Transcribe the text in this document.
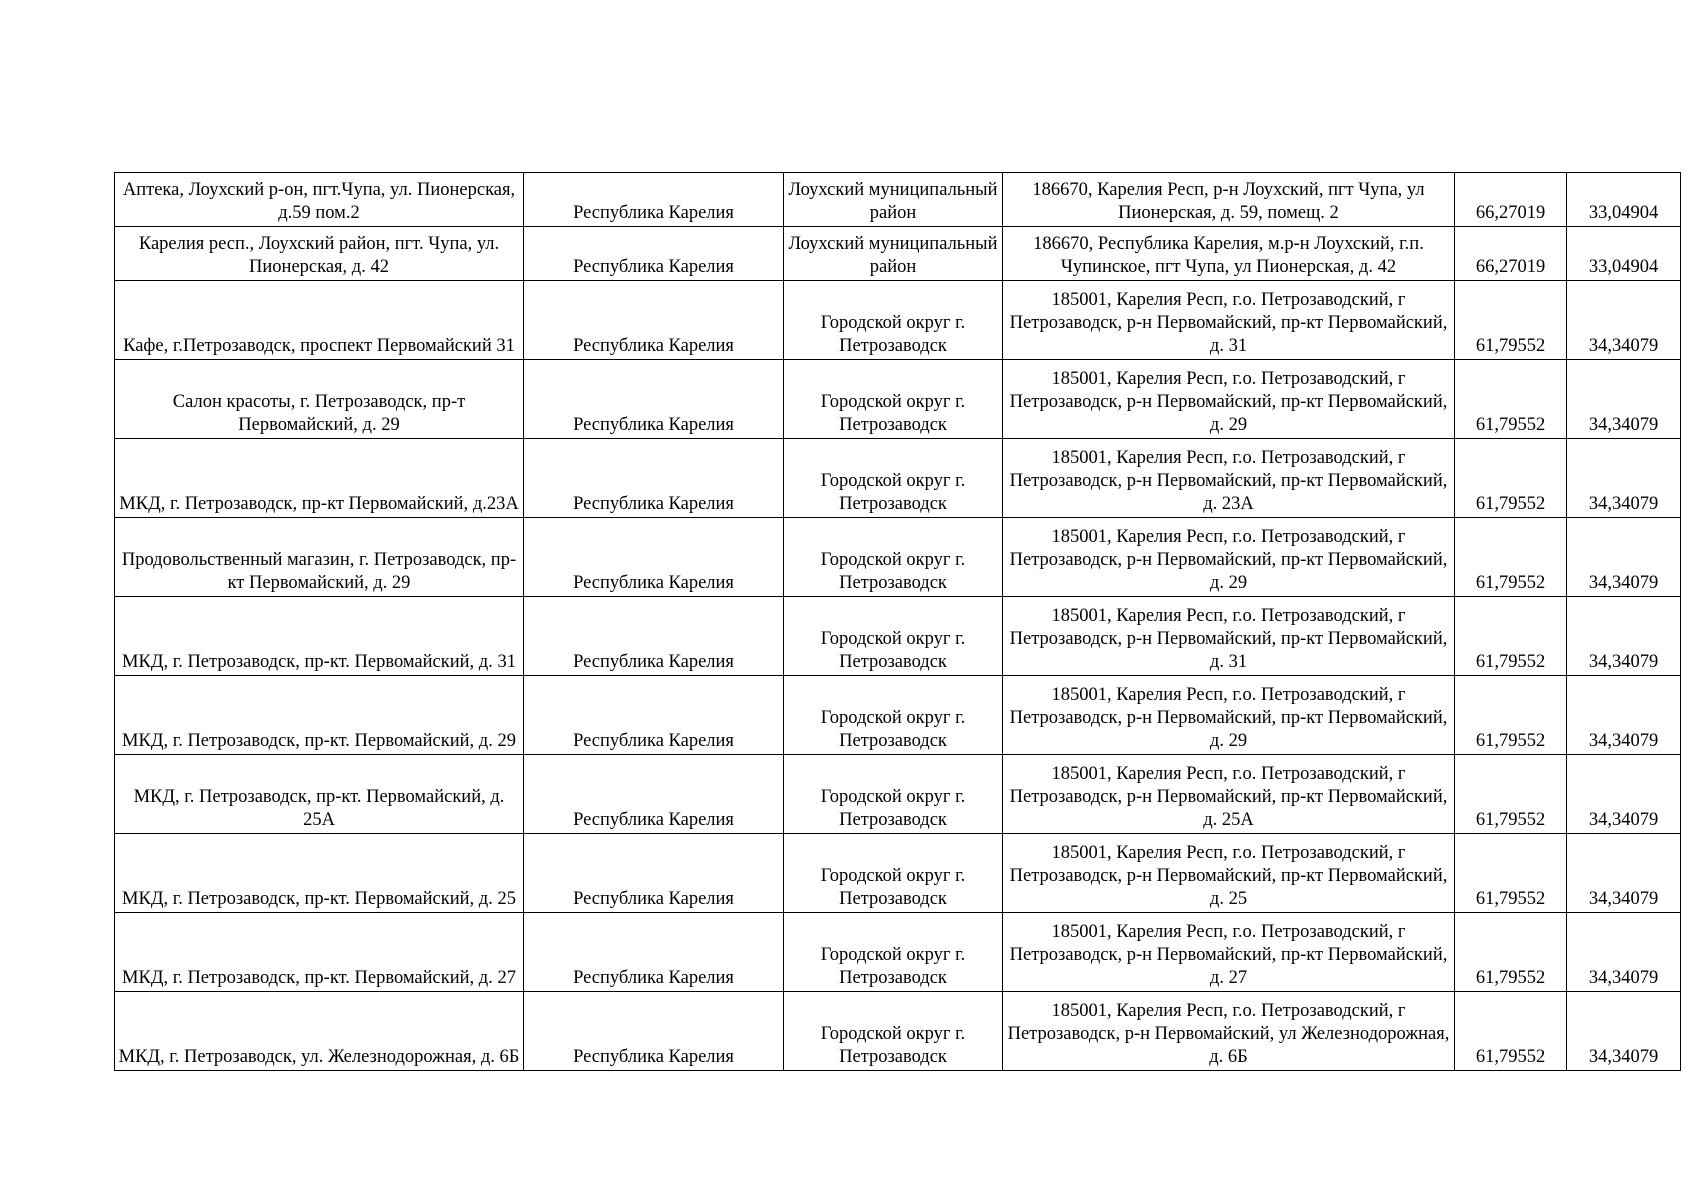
Аптека, Лоухский р-он, пгт.Чупа, ул. Пионерская, д.59 пом.2	Республика Карелия	Лоухский муниципальный район	186670, Карелия Респ, р-н Лоухский, пгт Чупа, ул Пионерская, д. 59, помещ. 2	66,27019	33,04904
Карелия респ., Лоухский район, пгт. Чупа, ул. Пионерская, д. 42	Республика Карелия	Лоухский муниципальный район	186670, Республика Карелия, м.р-н Лоухский, г.п. Чупинское, пгт Чупа, ул Пионерская, д. 42	66,27019	33,04904
Кафе, г.Петрозаводск, проспект Первомайский 31	Республика Карелия	Городской округ г. Петрозаводск	185001, Карелия Респ, г.о. Петрозаводский, г Петрозаводск, р-н Первомайский, пр-кт Первомайский, д. 31	61,79552	34,34079
Салон красоты, г. Петрозаводск, пр-т Первомайский, д. 29	Республика Карелия	Городской округ г. Петрозаводск	185001, Карелия Респ, г.о. Петрозаводский, г Петрозаводск, р-н Первомайский, пр-кт Первомайский, д. 29	61,79552	34,34079
МКД, г. Петрозаводск, пр-кт Первомайский, д.23А	Республика Карелия	Городской округ г. Петрозаводск	185001, Карелия Респ, г.о. Петрозаводский, г Петрозаводск, р-н Первомайский, пр-кт Первомайский, д. 23А	61,79552	34,34079
Продовольственный магазин, г. Петрозаводск, пр-кт Первомайский, д. 29	Республика Карелия	Городской округ г. Петрозаводск	185001, Карелия Респ, г.о. Петрозаводский, г Петрозаводск, р-н Первомайский, пр-кт Первомайский, д. 29	61,79552	34,34079
МКД, г. Петрозаводск, пр-кт. Первомайский, д. 31	Республика Карелия	Городской округ г. Петрозаводск	185001, Карелия Респ, г.о. Петрозаводский, г Петрозаводск, р-н Первомайский, пр-кт Первомайский, д. 31	61,79552	34,34079
МКД, г. Петрозаводск, пр-кт. Первомайский, д. 29	Республика Карелия	Городской округ г. Петрозаводск	185001, Карелия Респ, г.о. Петрозаводский, г Петрозаводск, р-н Первомайский, пр-кт Первомайский, д. 29	61,79552	34,34079
МКД, г. Петрозаводск, пр-кт. Первомайский, д. 25А	Республика Карелия	Городской округ г. Петрозаводск	185001, Карелия Респ, г.о. Петрозаводский, г Петрозаводск, р-н Первомайский, пр-кт Первомайский, д. 25А	61,79552	34,34079
МКД, г. Петрозаводск, пр-кт. Первомайский, д. 25	Республика Карелия	Городской округ г. Петрозаводск	185001, Карелия Респ, г.о. Петрозаводский, г Петрозаводск, р-н Первомайский, пр-кт Первомайский, д. 25	61,79552	34,34079
МКД, г. Петрозаводск, пр-кт. Первомайский, д. 27	Республика Карелия	Городской округ г. Петрозаводск	185001, Карелия Респ, г.о. Петрозаводский, г Петрозаводск, р-н Первомайский, пр-кт Первомайский, д. 27	61,79552	34,34079
МКД, г. Петрозаводск, ул. Железнодорожная, д. 6Б	Республика Карелия	Городской округ г. Петрозаводск	185001, Карелия Респ, г.о. Петрозаводский, г Петрозаводск, р-н Первомайский, ул Железнодорожная, д. 6Б	61,79552	34,34079
